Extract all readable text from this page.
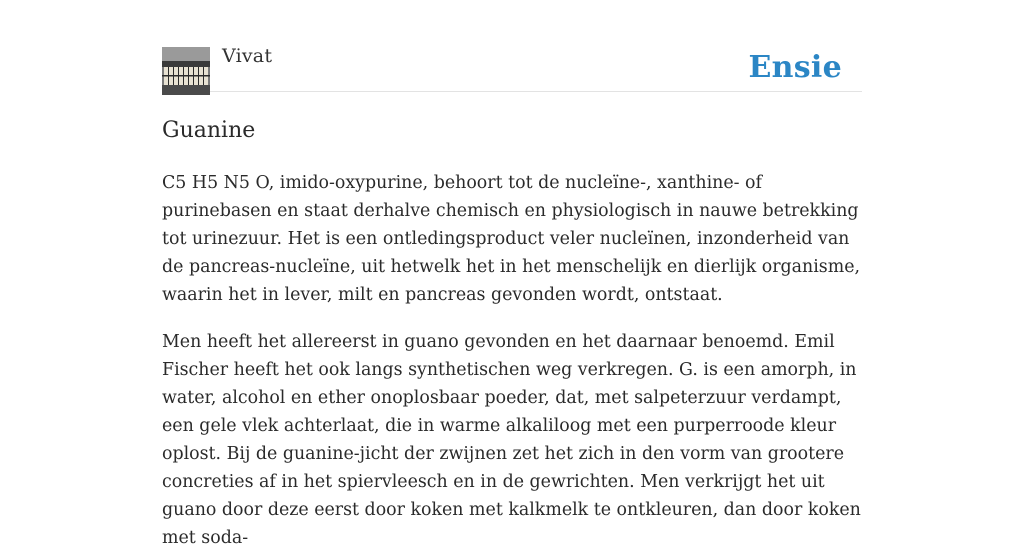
Vivat	Ensie
Guanine

C5 H5 N5 O, imido-oxypurine, behoort tot de nucleïne-, xanthine- of purinebasen en staat derhalve chemisch en physiologisch in nauwe betrekking tot urinezuur. Het is een ontledingsproduct veler nucleïnen, inzonderheid van de pancreas-nucleïne, uit hetwelk het in het menschelijk en dierlijk organisme, waarin het in lever, milt en pancreas gevonden wordt, ontstaat.

Men heeft het allereerst in guano gevonden en het daarnaar benoemd. Emil Fischer heeft het ook langs synthetischen weg verkregen. G. is een amorph, in water, alcohol en ether onoplosbaar poeder, dat, met salpeterzuur verdampt, een gele vlek achterlaat, die in warme alkaliloog met een purperroode kleur oplost. Bij de guanine-jicht der zwijnen zet het zich in den vorm van grootere concreties af in het spiervleesch en in de gewrichten. Men verkrijgt het uit guano door deze eerst door koken met kalkmelk te ontkleuren, dan door koken met soda-
